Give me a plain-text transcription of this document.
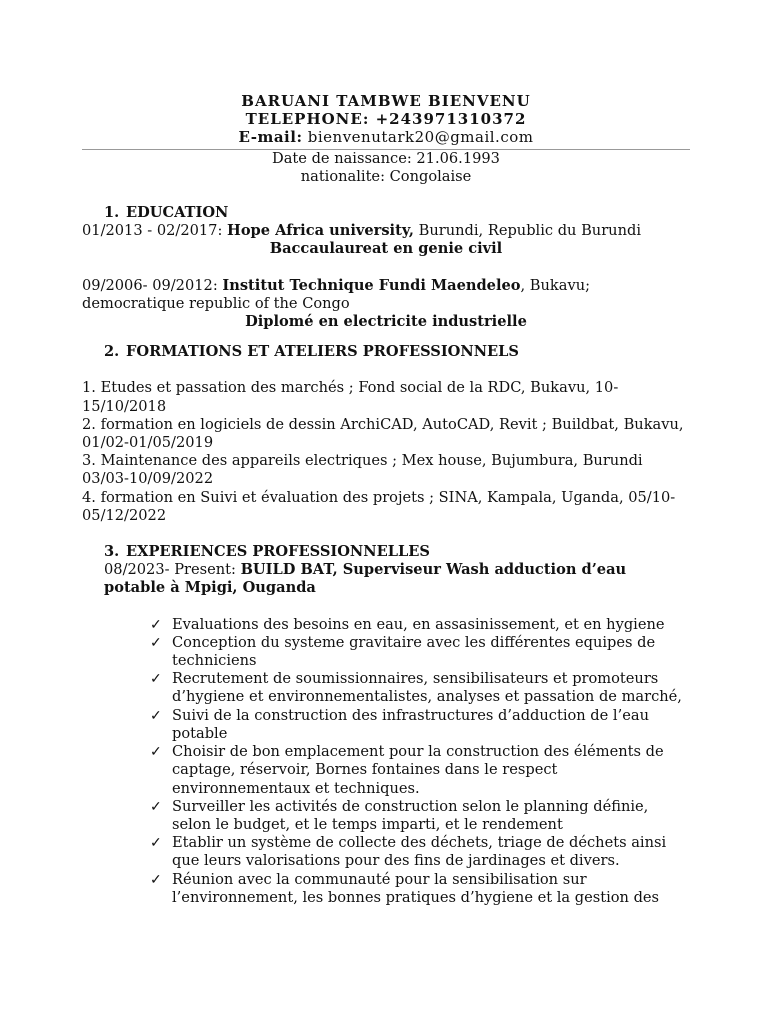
BARUANI TAMBWE BIENVENU
TELEPHONE: +243971310372
E-mail: bienvenutark20@gmail.com
Date de naissance: 21.06.1993
nationalite: Congolaise
1. EDUCATION
01/2013 - 02/2017: Hope Africa university, Burundi, Republic du Burundi
Baccaulaureat en genie civil
09/2006- 09/2012: Institut Technique Fundi Maendeleo, Bukavu; democratique republic of the Congo
Diplomé en electricite industrielle
2. FORMATIONS ET ATELIERS PROFESSIONNELS
1. Etudes et passation des marchés ; Fond social de la RDC, Bukavu, 10-15/10/2018
2. formation en logiciels de dessin ArchiCAD, AutoCAD, Revit ; Buildbat, Bukavu, 01/02-01/05/2019
3. Maintenance des appareils electriques ; Mex house, Bujumbura, Burundi 03/03-10/09/2022
4. formation en Suivi et évaluation des projets ; SINA, Kampala, Uganda, 05/10-05/12/2022
3. EXPERIENCES PROFESSIONNELLES
08/2023- Present: BUILD BAT, Superviseur Wash adduction d’eau potable à Mpigi, Ouganda
✓ Evaluations des besoins en eau, en assasinissement, et en hygiene
✓ Conception du systeme gravitaire avec les différentes equipes de techniciens
✓ Recrutement de soumissionnaires, sensibilisateurs et promoteurs d’hygiene et environnementalistes, analyses et passation de marché,
✓ Suivi de la construction des infrastructures d’adduction de l’eau potable
✓ Choisir de bon emplacement pour la construction des éléments de captage, réservoir, Bornes fontaines dans le respect environnementaux et techniques.
✓ Surveiller les activités de construction selon le planning définie, selon le budget, et le temps imparti, et le rendement
✓ Etablir un système de collecte des déchets, triage de déchets ainsi que leurs valorisations pour des fins de jardinages et divers.
✓ Réunion avec la communauté pour la sensibilisation sur l’environnement, les bonnes pratiques d’hygiene et la gestion des
